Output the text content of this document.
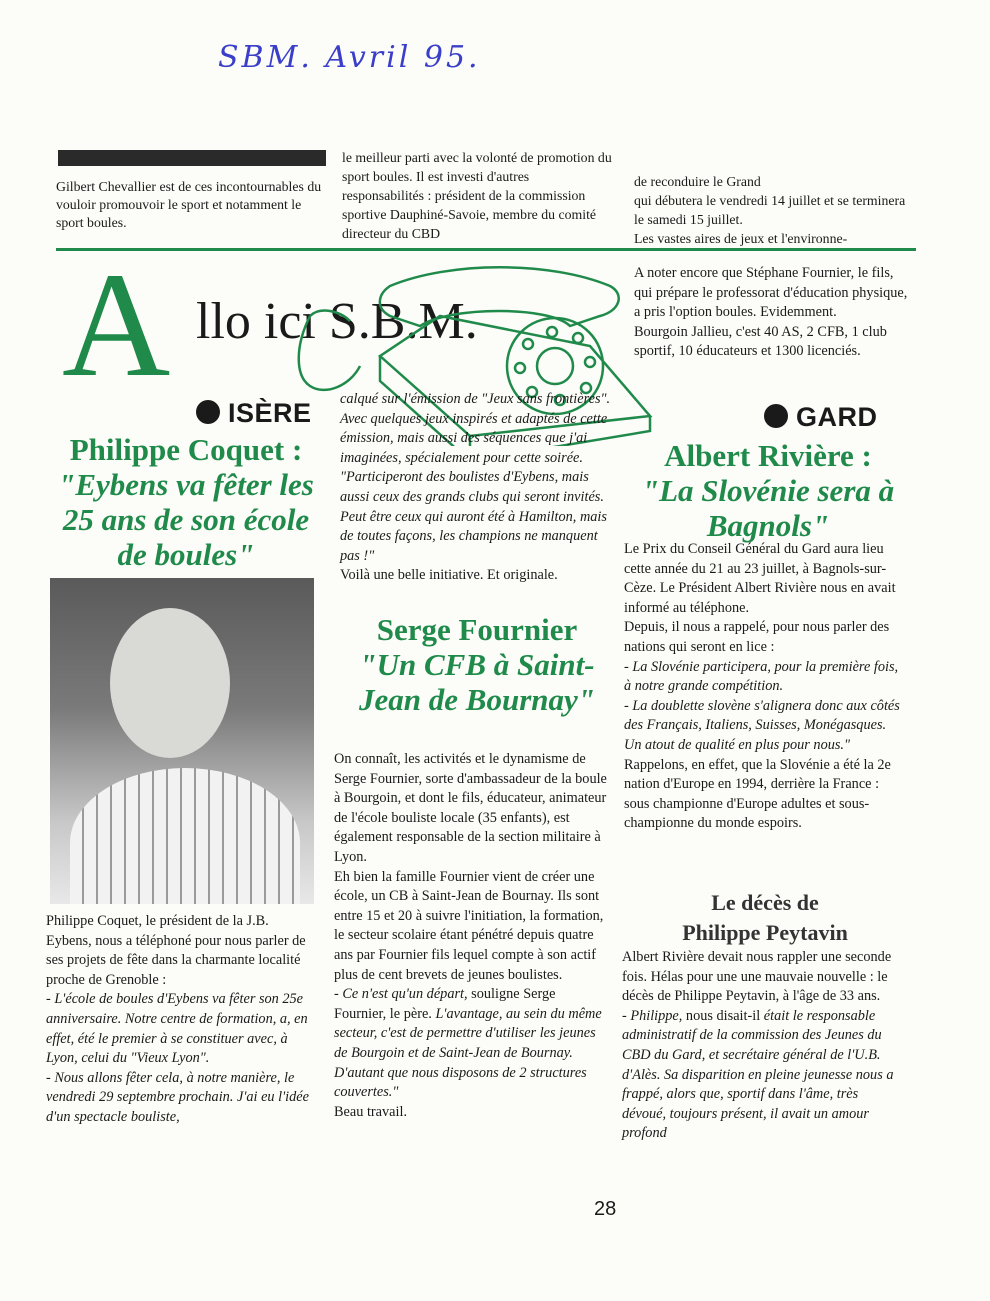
SBM. Avril 95.
Gilbert Chevallier est de ces incontournables du vouloir promouvoir le sport et notamment le sport boules.
le meilleur parti avec la volonté de promotion du sport boules. Il est investi d'autres responsabilités : président de la commission sportive Dauphiné-Savoie, membre du comité directeur du CBD

de reconduire le Grand

qui débutera le vendredi 14 juillet et se terminera le samedi 15 juillet.

Les vastes aires de jeux et l'environne-

A llo ici S.B.M.

A noter encore que Stéphane Fournier, le fils, qui prépare le professorat d'éducation physique, a pris l'option boules. Evidemment.

Bourgoin Jallieu, c'est 40 AS, 2 CFB, 1 club sportif, 10 éducateurs et 1300 licenciés.

ISÈRE
Philippe Coquet :
"Eybens va fêter les 25 ans de son école de boules"

Philippe Coquet, le président de la J.B. Eybens, nous a téléphoné pour nous parler de ses projets de fête dans la charmante localité proche de Grenoble :

- L'école de boules d'Eybens va fêter son 25e anniversaire. Notre centre de formation, a, en effet, été le premier à se constituer avec, à Lyon, celui du "Vieux Lyon".

- Nous allons fêter cela, à notre manière, le vendredi 29 septembre prochain. J'ai eu l'idée d'un spectacle bouliste,

calqué sur l'émission de "Jeux sans frontières". Avec quelques jeux inspirés et adaptés de cette émission, mais aussi des séquences que j'ai imaginées, spécialement pour cette soirée.

"Participeront des boulistes d'Eybens, mais aussi ceux des grands clubs qui seront invités. Peut être ceux qui auront été à Hamilton, mais de toutes façons, les champions ne manquent pas !"

Voilà une belle initiative. Et originale.

Serge Fournier
"Un CFB à Saint-Jean de Bournay"

On connaît, les activités et le dynamisme de Serge Fournier, sorte d'ambassadeur de la boule à Bourgoin, et dont le fils, éducateur, animateur de l'école bouliste locale (35 enfants), est également responsable de la section militaire à Lyon.

Eh bien la famille Fournier vient de créer une école, un CB à Saint-Jean de Bournay. Ils sont entre 15 et 20 à suivre l'initiation, la formation, le secteur scolaire étant pénétré depuis quatre ans par Fournier fils lequel compte à son actif plus de cent brevets de jeunes boulistes.

- Ce n'est qu'un départ, souligne Serge Fournier, le père. L'avantage, au sein du même secteur, c'est de permettre d'utiliser les jeunes de Bourgoin et de Saint-Jean de Bournay. D'autant que nous disposons de 2 structures couvertes."

Beau travail.

GARD
Albert Rivière :
"La Slovénie sera à Bagnols"

Le Prix du Conseil Général du Gard aura lieu cette année du 21 au 23 juillet, à Bagnols-sur-Cèze. Le Président Albert Rivière nous en avait informé au téléphone.

Depuis, il nous a rappelé, pour nous parler des nations qui seront en lice :

- La Slovénie participera, pour la première fois, à notre grande compétition.

- La doublette slovène s'alignera donc aux côtés des Français, Italiens, Suisses, Monégasques. Un atout de qualité en plus pour nous."

Rappelons, en effet, que la Slovénie a été la 2e nation d'Europe en 1994, derrière la France : sous championne d'Europe adultes et sous-championne du monde espoirs.

Le décès de
Philippe Peytavin

Albert Rivière devait nous rappler une seconde fois. Hélas pour une une mauvaie nouvelle : le décès de Philippe Peytavin, à l'âge de 33 ans.

- Philippe, nous disait-il était le responsable administratif de la commission des Jeunes du CBD du Gard, et secrétaire général de l'U.B. d'Alès. Sa disparition en pleine jeunesse nous a frappé, alors que, sportif dans l'âme, très dévoué, toujours présent, il avait un amour profond

28
